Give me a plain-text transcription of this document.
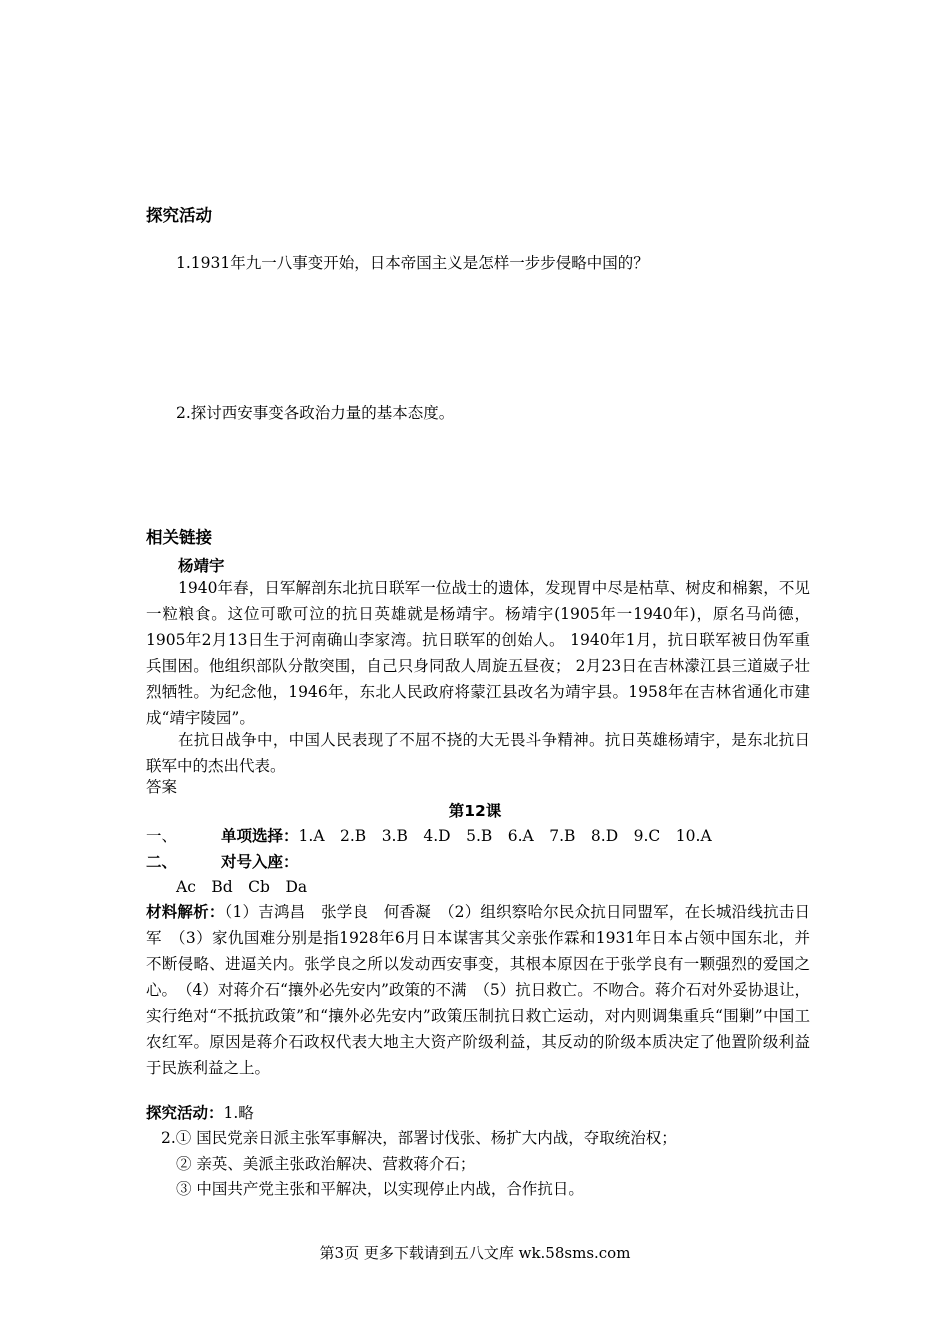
探究活动
1.1931年九一八事变开始，日本帝国主义是怎样一步步侵略中国的？
2.探讨西安事变各政治力量的基本态度。
相关链接
杨靖宇
1940年春，日军解剖东北抗日联军一位战士的遗体，发现胃中尽是枯草、树皮和棉絮，不见一粒粮食。这位可歌可泣的抗日英雄就是杨靖宇。杨靖宇(1905年一1940年)，原名马尚德， 1905年2月13日生于河南确山李家湾。抗日联军的创始人。 1940年1月，抗日联军被日伪军重兵围困。他组织部队分散突围，自己只身同敌人周旋五昼夜； 2月23日在吉林濛江县三道崴子壮烈牺牲。为纪念他，1946年，东北人民政府将蒙江县改名为靖宇县。1958年在吉林省通化市建成“靖宇陵园”。
在抗日战争中，中国人民表现了不屈不挠的大无畏斗争精神。抗日英雄杨靖宇，是东北抗日联军中的杰出代表。
答案
第12课
一、	单项选择：1.A　2.B　3.B　4.D　5.B　6.A　7.B　8.D　9.C　10.A
二、	对号入座：
Ac　Bd　Cb　Da
材料解析：（1）吉鸿昌　张学良　何香凝　（2）组织察哈尔民众抗日同盟军，在长城沿线抗击日军　（3）家仇国难分别是指1928年6月日本谋害其父亲张作霖和1931年日本占领中国东北，并不断侵略、进逼关内。张学良之所以发动西安事变，其根本原因在于张学良有一颗强烈的爱国之心。　（4）对蒋介石“攘外必先安内”政策的不满　（5）抗日救亡。不吻合。蒋介石对外妥协退让，实行绝对“不抵抗政策”和“攘外必先安内”政策压制抗日救亡运动，对内则调集重兵“围剿”中国工农红军。原因是蒋介石政权代表大地主大资产阶级利益，其反动的阶级本质决定了他置阶级利益于民族利益之上。
探究活动：1.略
2.① 国民党亲日派主张军事解决，部署讨伐张、杨扩大内战，夺取统治权；
② 亲英、美派主张政治解决、营救蒋介石；
③ 中国共产党主张和平解决，以实现停止内战，合作抗日。
第3页 更多下载请到五八文库 wk.58sms.com
